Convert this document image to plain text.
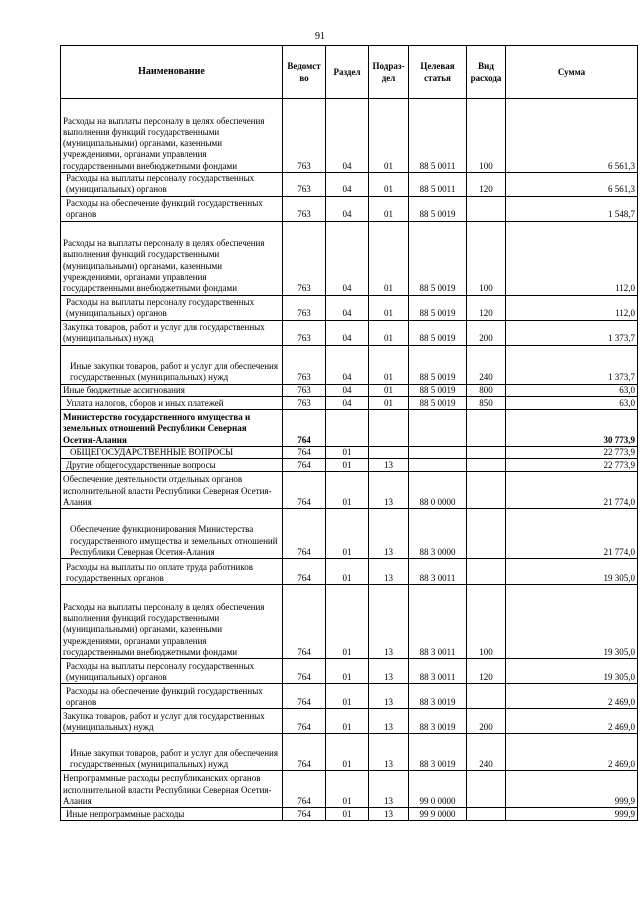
91
Наименование	Ведомст во	Раздел	Подраз- дел	Целевая статья	Вид расхода	Сумма
Расходы на выплаты персоналу в целях обеспечения выполнения функций государственными (муниципальными) органами, казенными учреждениями, органами управления государственными внебюджетными фондами	763	04	01	88 5 0011	100	6 561,3
Расходы на выплаты персоналу государственных (муниципальных) органов	763	04	01	88 5 0011	120	6 561,3
Расходы на обеспечение функций государственных органов	763	04	01	88 5 0019		1 548,7
Расходы на выплаты персоналу в целях обеспечения выполнения функций государственными (муниципальными) органами, казенными учреждениями, органами управления государственными внебюджетными фондами	763	04	01	88 5 0019	100	112,0
Расходы на выплаты персоналу государственных (муниципальных) органов	763	04	01	88 5 0019	120	112,0
Закупка товаров, работ и услуг для государственных (муниципальных) нужд	763	04	01	88 5 0019	200	1 373,7
Иные закупки товаров, работ и услуг для обеспечения государственных (муниципальных) нужд	763	04	01	88 5 0019	240	1 373,7
Иные бюджетные ассигнования	763	04	01	88 5 0019	800	63,0
Уплата налогов, сборов и иных платежей	763	04	01	88 5 0019	850	63,0
Министерство государственного имущества и земельных отношений Республики Северная Осетия-Алания	764					30 773,9
ОБЩЕГОСУДАРСТВЕННЫЕ ВОПРОСЫ	764	01				22 773,9
Другие общегосударственные вопросы	764	01	13			22 773,9
Обеспечение деятельности отдельных органов исполнительной власти Республики Северная Осетия-Алания	764	01	13	88 0 0000		21 774,0
Обеспечение функционирования Министерства государственного имущества и земельных отношений Республики Северная Осетия-Алания	764	01	13	88 3 0000		21 774,0
Расходы на выплаты по оплате труда работников государственных органов	764	01	13	88 3 0011		19 305,0
Расходы на выплаты персоналу в целях обеспечения выполнения функций государственными (муниципальными) органами, казенными учреждениями, органами управления государственными внебюджетными фондами	764	01	13	88 3 0011	100	19 305,0
Расходы на выплаты персоналу государственных (муниципальных) органов	764	01	13	88 3 0011	120	19 305,0
Расходы на обеспечение функций государственных органов	764	01	13	88 3 0019		2 469,0
Закупка товаров, работ и услуг для государственных (муниципальных) нужд	764	01	13	88 3 0019	200	2 469,0
Иные закупки товаров, работ и услуг для обеспечения государственных (муниципальных) нужд	764	01	13	88 3 0019	240	2 469,0
Непрограммные расходы республиканских органов исполнительной власти Республики Северная Осетия-Алания	764	01	13	99 0 0000		999,9
Иные непрограммные расходы	764	01	13	99 9 0000		999,9
